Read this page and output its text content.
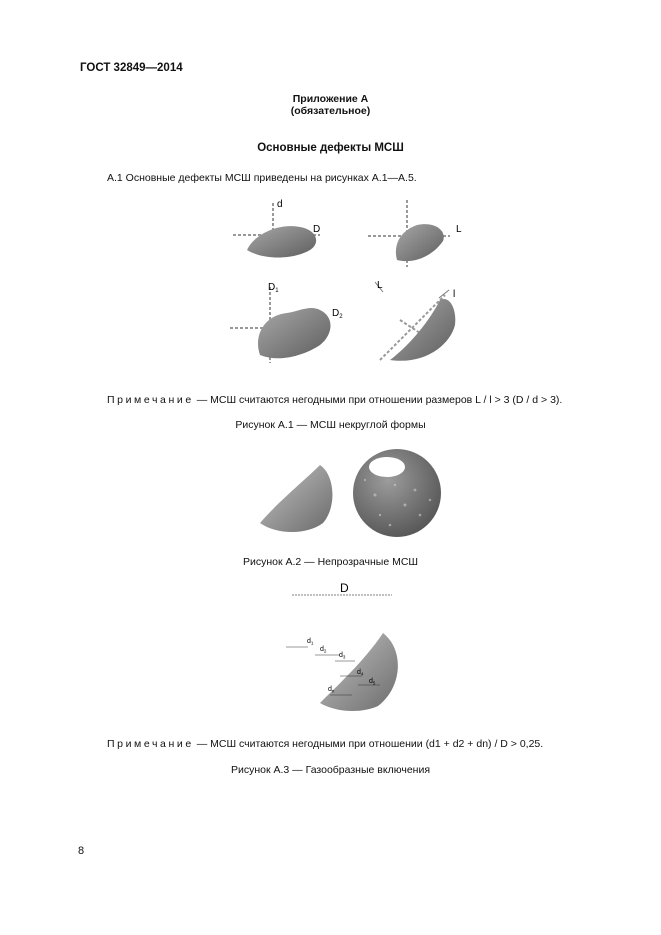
ГОСТ 32849—2014
Приложение А
(обязательное)
Основные дефекты МСШ
А.1 Основные дефекты МСШ приведены на рисунках А.1—А.5.
d
D	L
$D_1$
$D_2$
L
l
Примечание — МСШ считаются негодными при отношении размеров L / l > 3 (D / d > 3).
Рисунок А.1 — МСШ некруглой формы
Рисунок А.2 — Непрозрачные МСШ
D
$d_1$
$d_2$
$d_3$
$d_4$
$d_5$
$d_n$
Примечание — МСШ считаются негодными при отношении (d1 + d2 + dn) / D > 0,25.
Рисунок А.3 — Газообразные включения
8
